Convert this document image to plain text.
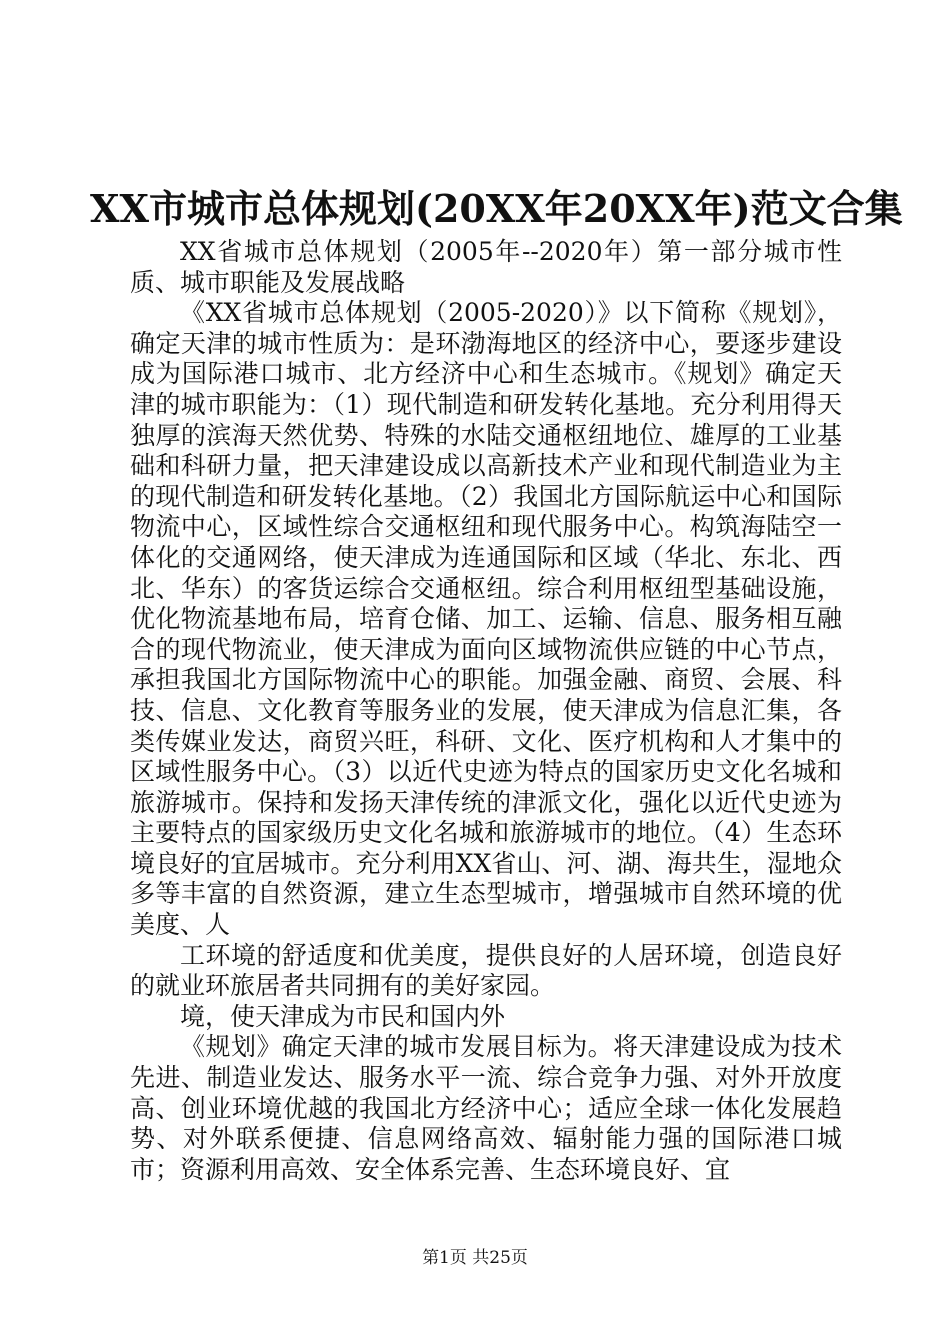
XX市城市总体规划(20XX年20XX年)范文合集

XX省城市总体规划（2005年--2020年）第一部分城市性质、城市职能及发展战略

《XX省城市总体规划（2005-2020）》以下简称《规划》，确定天津的城市性质为：是环渤海地区的经济中心，要逐步建设成为国际港口城市、北方经济中心和生态城市。《规划》确定天津的城市职能为：（1）现代制造和研发转化基地。充分利用得天独厚的滨海天然优势、特殊的水陆交通枢纽地位、雄厚的工业基础和科研力量，把天津建设成以高新技术产业和现代制造业为主的现代制造和研发转化基地。（2）我国北方国际航运中心和国际物流中心，区域性综合交通枢纽和现代服务中心。构筑海陆空一体化的交通网络，使天津成为连通国际和区域（华北、东北、西北、华东）的客货运综合交通枢纽。综合利用枢纽型基础设施，优化物流基地布局，培育仓储、加工、运输、信息、服务相互融合的现代物流业，使天津成为面向区域物流供应链的中心节点，承担我国北方国际物流中心的职能。加强金融、商贸、会展、科技、信息、文化教育等服务业的发展，使天津成为信息汇集，各类传媒业发达，商贸兴旺，科研、文化、医疗机构和人才集中的区域性服务中心。（3）以近代史迹为特点的国家历史文化名城和旅游城市。保持和发扬天津传统的津派文化，强化以近代史迹为主要特点的国家级历史文化名城和旅游城市的地位。（4）生态环境良好的宜居城市。充分利用XX省山、河、湖、海共生，湿地众多等丰富的自然资源，建立生态型城市，增强城市自然环境的优美度、人

工环境的舒适度和优美度，提供良好的人居环境，创造良好的就业环旅居者共同拥有的美好家园。

境，使天津成为市民和国内外

《规划》确定天津的城市发展目标为。将天津建设成为技术先进、制造业发达、服务水平一流、综合竞争力强、对外开放度高、创业环境优越的我国北方经济中心；适应全球一体化发展趋势、对外联系便捷、信息网络高效、辐射能力强的国际港口城市；资源利用高效、安全体系完善、生态环境良好、宜

第1页 共25页
